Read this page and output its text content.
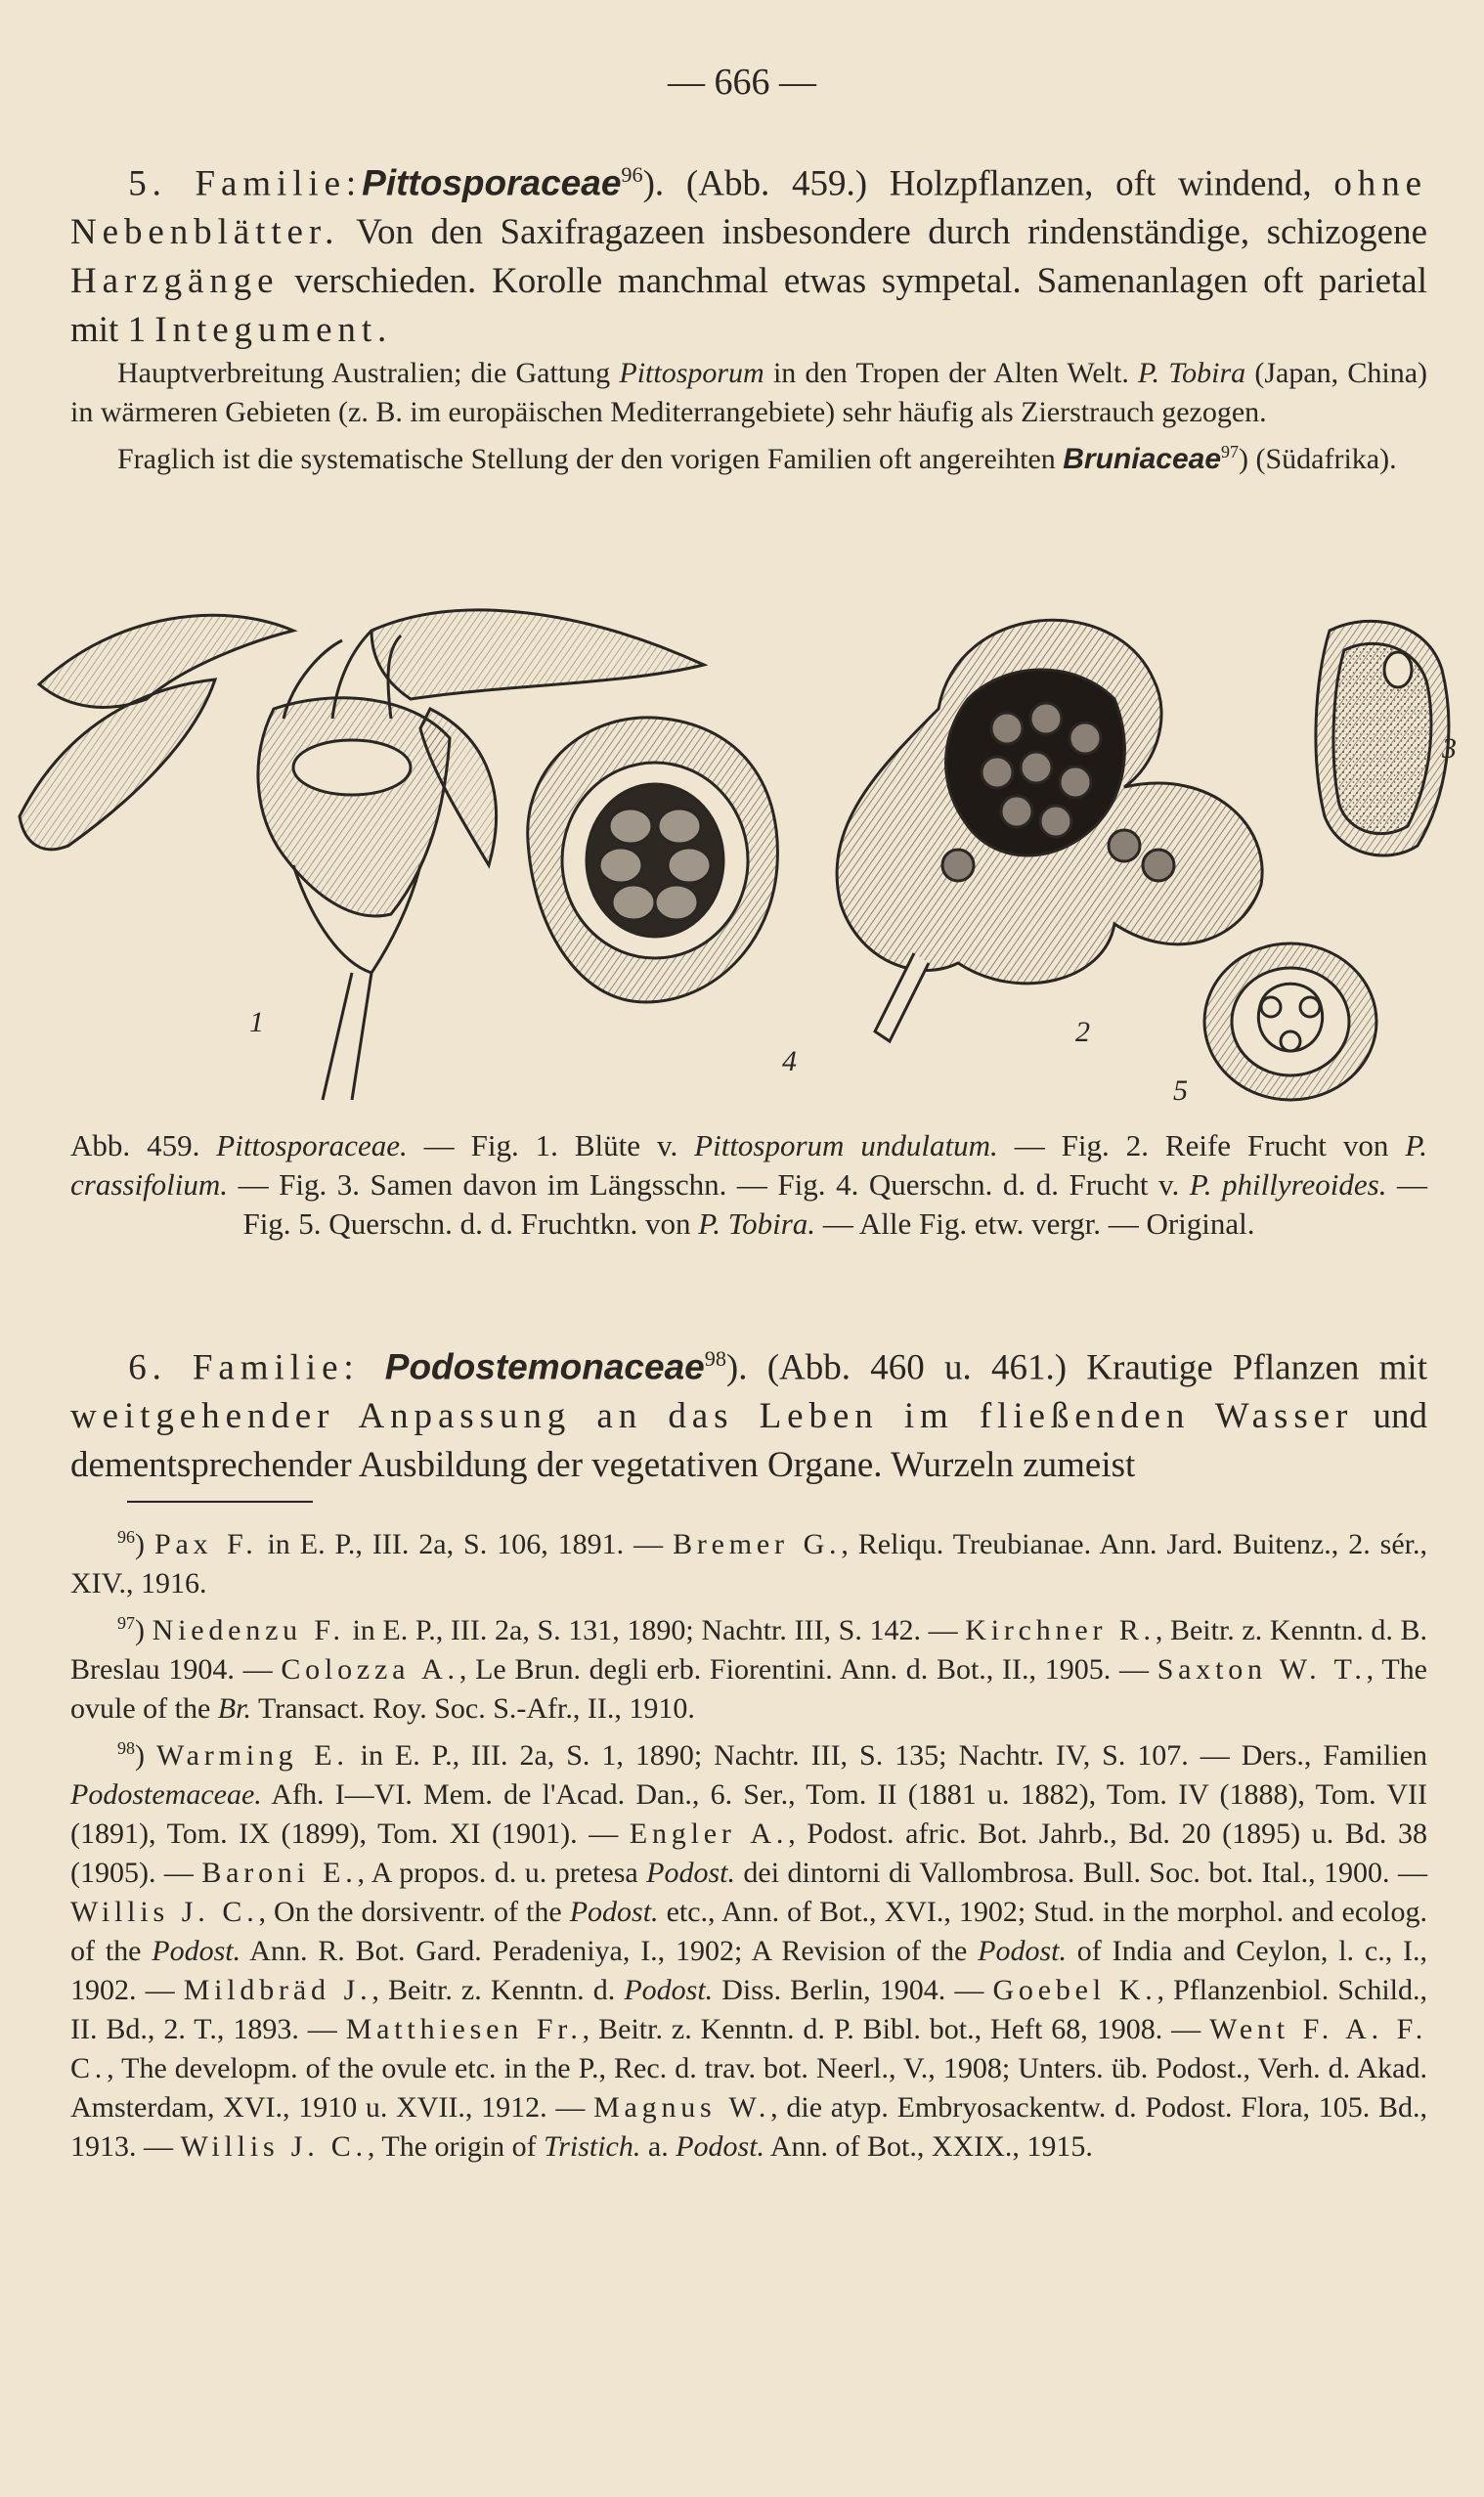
— 666 —

5. Familie:Pittosporaceae$^{96}$). (Abb. 459.) Holzpflanzen, oft windend, ohne Nebenblätter. Von den Saxifragazeen insbesondere durch rindenständige, schizogene Harzgänge verschieden. Korolle manchmal etwas sympetal. Samenanlagen oft parietal mit 1 Integument.

Hauptverbreitung Australien; die Gattung Pittosporum in den Tropen der Alten Welt. P. Tobira (Japan, China) in wärmeren Gebieten (z. B. im europäischen Mediterrangebiete) sehr häufig als Zierstrauch gezogen.

Fraglich ist die systematische Stellung der den vorigen Familien oft angereihten Bruniaceae$^{97}$) (Südafrika).

1
4
2
3
5
Abb. 459. Pittosporaceae. — Fig. 1. Blüte v. Pittosporum undulatum. — Fig. 2. Reife Frucht von P. crassifolium. — Fig. 3. Samen davon im Längsschn. — Fig. 4. Querschn. d. d. Frucht v. P. phillyreoides. — Fig. 5. Querschn. d. d. Fruchtkn. von P. Tobira. — Alle Fig. etw. vergr. — Original.

6. Familie: Podostemonaceae$^{98}$). (Abb. 460 u. 461.) Krautige Pflanzen mit weitgehender Anpassung an das Leben im fließenden Wasser und dementsprechender Ausbildung der vegetativen Organe. Wurzeln zumeist

$^{96}$) Pax F. in E. P., III. 2a, S. 106, 1891. — Bremer G., Reliqu. Treubianae. Ann. Jard. Buitenz., 2. sér., XIV., 1916.

$^{97}$) Niedenzu F. in E. P., III. 2a, S. 131, 1890; Nachtr. III, S. 142. — Kirchner R., Beitr. z. Kenntn. d. B. Breslau 1904. — Colozza A., Le Brun. degli erb. Fiorentini. Ann. d. Bot., II., 1905. — Saxton W. T., The ovule of the Br. Transact. Roy. Soc. S.-Afr., II., 1910.

$^{98}$) Warming E. in E. P., III. 2a, S. 1, 1890; Nachtr. III, S. 135; Nachtr. IV, S. 107. — Ders., Familien Podostemaceae. Afh. I—VI. Mem. de l'Acad. Dan., 6. Ser., Tom. II (1881 u. 1882), Tom. IV (1888), Tom. VII (1891), Tom. IX (1899), Tom. XI (1901). — Engler A., Podost. afric. Bot. Jahrb., Bd. 20 (1895) u. Bd. 38 (1905). — Baroni E., A propos. d. u. pretesa Podost. dei dintorni di Vallombrosa. Bull. Soc. bot. Ital., 1900. — Willis J. C., On the dorsiventr. of the Podost. etc., Ann. of Bot., XVI., 1902; Stud. in the morphol. and ecolog. of the Podost. Ann. R. Bot. Gard. Peradeniya, I., 1902; A Revision of the Podost. of India and Ceylon, l. c., I., 1902. — Mildbräd J., Beitr. z. Kenntn. d. Podost. Diss. Berlin, 1904. — Goebel K., Pflanzenbiol. Schild., II. Bd., 2. T., 1893. — Matthiesen Fr., Beitr. z. Kenntn. d. P. Bibl. bot., Heft 68, 1908. — Went F. A. F. C., The developm. of the ovule etc. in the P., Rec. d. trav. bot. Neerl., V., 1908; Unters. üb. Podost., Verh. d. Akad. Amsterdam, XVI., 1910 u. XVII., 1912. — Magnus W., die atyp. Embryosackentw. d. Podost. Flora, 105. Bd., 1913. — Willis J. C., The origin of Tristich. a. Podost. Ann. of Bot., XXIX., 1915.
